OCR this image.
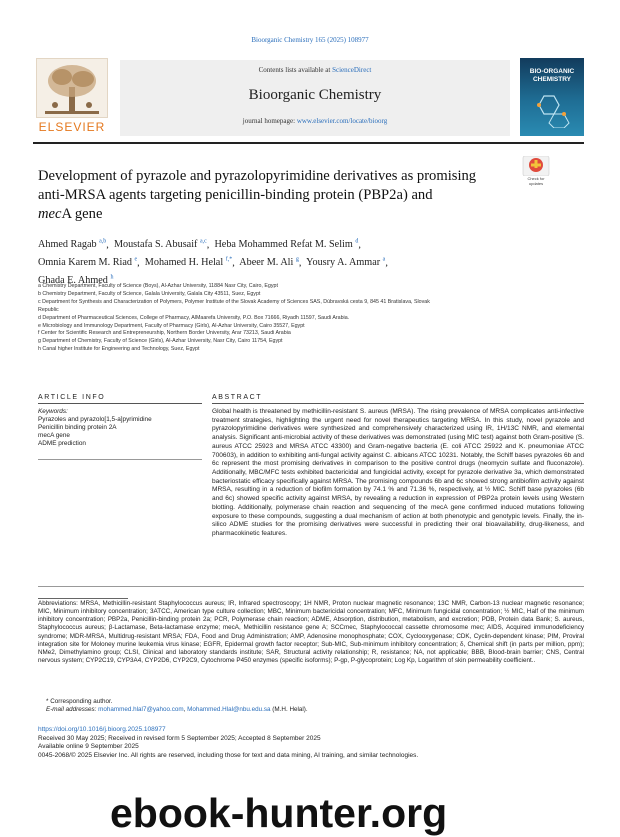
Bioorganic Chemistry 165 (2025) 108977
ELSEVIER
Contents lists available at ScienceDirect
Bioorganic Chemistry
journal homepage: www.elsevier.com/locate/bioorg
BIO-ORGANIC
CHEMISTRY
Development of pyrazole and pyrazolopyrimidine derivatives as promising
anti-MRSA agents targeting penicillin-binding protein (PBP2a) and
mecA gene
Check for
updates
Ahmed Ragab $^{a,b}$,  Moustafa S. Abusaif $^{a,c}$,  Heba Mohammed Refat M. Selim $^d$,
Omnia Karem M. Riad $^e$,  Mohamed H. Helal $^{f,*}$,  Abeer M. Ali $^g$,  Yousry A. Ammar $^a$,
Ghada E. Ahmed $^h$
a Chemistry Department, Faculty of Science (Boys), Al-Azhar University, 11884 Nasr City, Cairo, Egypt
b Chemistry Department, Faculty of Science, Galala University, Galala City 43511, Suez, Egypt
c Department for Synthesis and Characterization of Polymers, Polymer Institute of the Slovak Academy of Sciences SAS, Dúbravská cesta 9, 845 41 Bratislava, Slovak
Republic
d Department of Pharmaceutical Sciences, College of Pharmacy, AlMaarefa University, P.O. Box 71666, Riyadh 11597, Saudi Arabia.
e Microbiology and Immunology Department, Faculty of Pharmacy (Girls), Al-Azhar University, Cairo 35527, Egypt
f Center for Scientific Research and Entrepreneurship, Northern Border University, Arar 73213, Saudi Arabia
g Department of Chemistry, Faculty of Science (Girls), Al-Azhar University, Nasr City, Cairo 11754, Egypt
h Canal higher Institute for Engineering and Technology, Suez, Egypt
ARTICLE INFO	ABSTRACT
Keywords:
Pyrazoles and pyrazolo[1,5-a]pyrimidine
Penicillin binding protein 2A
mecA gene
ADME prediction
Global health is threatened by methicillin-resistant S. aureus (MRSA). The rising prevalence of MRSA complicates anti-infective treatment strategies, highlighting the urgent need for novel therapeutics targeting MRSA. In this study, novel pyrazole and pyrazolopyrimidine derivatives were synthesized and comprehensively characterized using IR, 1H/13C NMR, and elemental analysis. Significant anti-microbial activity of these derivatives was demonstrated (using MIC test) against both Gram-positive (S. aureus ATCC 25923 and MRSA ATCC 43300) and Gram-negative bacteria (E. coli ATCC 25922 and K. pneumoniae ATCC 700603), in addition to exhibiting anti-fungal activity against C. albicans ATCC 10231. Notably, the Schiff bases pyrazoles 6b and 6c represent the most promising derivatives in comparison to the positive control drugs (neomycin sulfate and fluconazole). Additionally, MBC/MFC tests exhibited bactericidal and fungicidal activity, except for pyrazole derivative 3a, which demonstrated bacteriostatic efficacy specifically against MRSA. The promising compounds 6b and 6c showed strong antibiofilm activity against MRSA, resulting in a reduction of biofilm formation by 74.1 % and 71.36 %, respectively, at ½ MIC. Schiff base pyrazoles (6b and 6c) showed specific activity against MRSA, by revealing a reduction in expression of PBP2a protein levels using Western blotting. Additionally, polymerase chain reaction and sequencing of the mecA gene confirmed induced mutations following exposure to these compounds, suggesting a dual mechanism of action at both phenotypic and genotypic levels. Finally, the in-silico ADME studies for the promising derivatives were successful in predicting their oral bioavailability, drug-likeness, and pharmacokinetic features.
Abbreviations: MRSA, Methicillin-resistant Staphylococcus aureus; IR, Infrared spectroscopy; 1H NMR, Proton nuclear magnetic resonance; 13C NMR, Carbon-13 nuclear magnetic resonance; MIC, Minimum inhibitory concentration; 3ATCC, American type culture collection; MBC, Minimum bactericidal concentration; MFC, Minimum fungicidal concentration; ½ MIC, Half of the minimum inhibitory concentration; PBP2a, Penicillin-binding protein 2a; PCR, Polymerase chain reaction; ADME, Absorption, distribution, metabolism, and excretion; PDB, Protein data Bank; S. aureus, Staphylococcus aureus; β-Lactamase, Beta-lactamase enzyme; mecA, Methicillin resistance gene A; SCCmec, Staphylococcal cassette chromosome mec; AIDS, Acquired immunodeficiency syndrome; MDR-MRSA, Multidrug-resistant MRSA; FDA, Food and Drug Administration; AMP, Adenosine monophosphate; COX, Cyclooxygenase; CDK, Cyclin-dependent kinase; PIM, Proviral integration site for Moloney murine leukemia virus kinase; EGFR, Epidermal growth factor receptor; Sub-MIC, Sub-minimum inhibitory concentration; δ, Chemical shift (in parts per million, ppm); NMe2, Dimethylamino group; CLSI, Clinical and laboratory standards institute; SAR, Structural activity relationship; R, resistance; NA, not applicable; BBB, Blood-brain barrier; CNS, Central nervous system; CYP2C19, CYP3A4, CYP2D6, CYP2C9, Cytochrome P450 enzymes (specific isoforms); P-gp, P-glycoprotein; Log Kp, Logarithm of skin permeability coefficient..
* Corresponding author.
E-mail addresses: mohammed.hlal7@yahoo.com, Mohammed.Hlal@nbu.edu.sa (M.H. Helal).
https://doi.org/10.1016/j.bioorg.2025.108977
Received 30 May 2025; Received in revised form 5 September 2025; Accepted 8 September 2025
Available online 9 September 2025
0045-2068/© 2025 Elsevier Inc. All rights are reserved, including those for text and data mining, AI training, and similar technologies.
ebook-hunter.org
